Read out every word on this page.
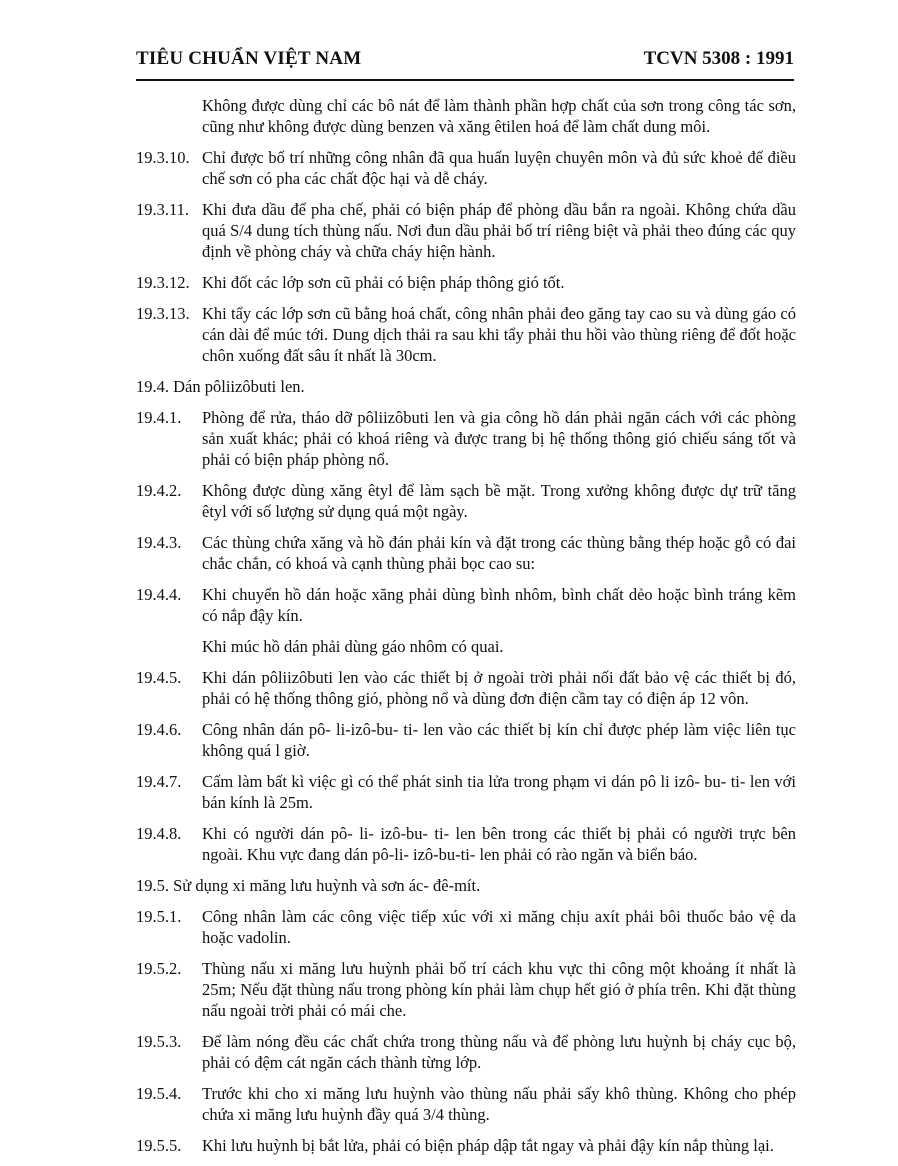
TIÊU CHUẨN VIỆT NAM	TCVN 5308 : 1991
Không được dùng chỉ các bô nát để làm thành phần hợp chất của sơn trong công tác sơn, cũng như không được dùng benzen và xăng êtilen hoá để làm chất dung môi.
19.3.10. Chỉ được bố trí những công nhân đã qua huấn luyện chuyên môn và đủ sức khoẻ để điều chế sơn có pha các chất độc hại và dễ cháy.
19.3.11. Khi đưa dầu để pha chế, phải có biện pháp để phòng dầu bắn ra ngoài. Không chứa dầu quá S/4 dung tích thùng nấu. Nơi đun dầu phải bố trí riêng biệt và phải theo đúng các quy định về phòng cháy và chữa cháy hiện hành.
19.3.12. Khi đốt các lớp sơn cũ phải có biện pháp thông gió tốt.
19.3.13. Khi tẩy các lớp sơn cũ bằng hoá chất, công nhân phải đeo găng tay cao su và dùng gáo có cán dài để múc tới. Dung dịch thải ra sau khi tẩy phải thu hồi vào thùng riêng để đốt hoặc chôn xuống đất sâu ít nhất là 30cm.
19.4. Dán pôliizôbuti len.
19.4.1. Phòng để rửa, tháo dỡ pôliizôbuti len và gia công hồ dán phải ngăn cách với các phòng sản xuất khác; phải có khoá riêng và được trang bị hệ thống thông gió chiếu sáng tốt và phải có biện pháp phòng nổ.
19.4.2. Không được dùng xăng êtyl để làm sạch bề mặt. Trong xưởng không được dự trữ tăng êtyl với số lượng sử dụng quá một ngày.
19.4.3. Các thùng chứa xăng và hồ đán phải kín và đặt trong các thùng bằng thép hoặc gỗ có đai chắc chắn, có khoá và cạnh thùng phải bọc cao su:
19.4.4. Khi chuyển hồ dán hoặc xăng phải dùng bình nhôm, bình chất dẻo hoặc bình tráng kẽm có nắp đậy kín.
Khi múc hồ dán phải dùng gáo nhôm có quai.
19.4.5. Khi dán pôliizôbuti len vào các thiết bị ở ngoài trời phải nối đất bảo vệ các thiết bị đó, phải có hệ thống thông gió, phòng nổ và dùng đơn điện cầm tay có điện áp 12 vôn.
19.4.6. Công nhân dán pô- li-izô-bu- ti- len vào các thiết bị kín chỉ được phép làm việc liên tục không quá l giờ.
19.4.7. Cấm làm bất kì việc gì có thể phát sinh tia lửa trong phạm vi dán pô li izô- bu- ti- len với bán kính là 25m.
19.4.8. Khi có người dán pô- li- izô-bu- ti- len bên trong các thiết bị phải có người trực bên ngoài. Khu vực đang dán pô-li- izô-bu-ti- len phải có rào ngăn và biển báo.
19.5. Sử dụng xi măng lưu huỳnh và sơn ác- đê-mít.
19.5.1. Công nhân làm các công việc tiếp xúc với xi măng chịu axít phải bôi thuốc bảo vệ da hoặc vadolin.
19.5.2. Thùng nấu xi măng lưu huỳnh phải bố trí cách khu vực thi công một khoảng ít nhất là 25m; Nếu đặt thùng nấu trong phòng kín phải làm chụp hết gió ở phía trên. Khi đặt thùng nấu ngoài trời phải có mái che.
19.5.3. Để làm nóng đều các chất chứa trong thùng nấu và để phòng lưu huỳnh bị cháy cục bộ, phải có đệm cát ngăn cách thành từng lớp.
19.5.4. Trước khi cho xi măng lưu huỳnh vào thùng nấu phải sấy khô thùng. Không cho phép chứa xi măng lưu huỳnh đầy quá 3/4 thùng.
19.5.5. Khi lưu huỳnh bị bắt lửa, phải có biện pháp dập tắt ngay và phải đậy kín nắp thùng lại.
